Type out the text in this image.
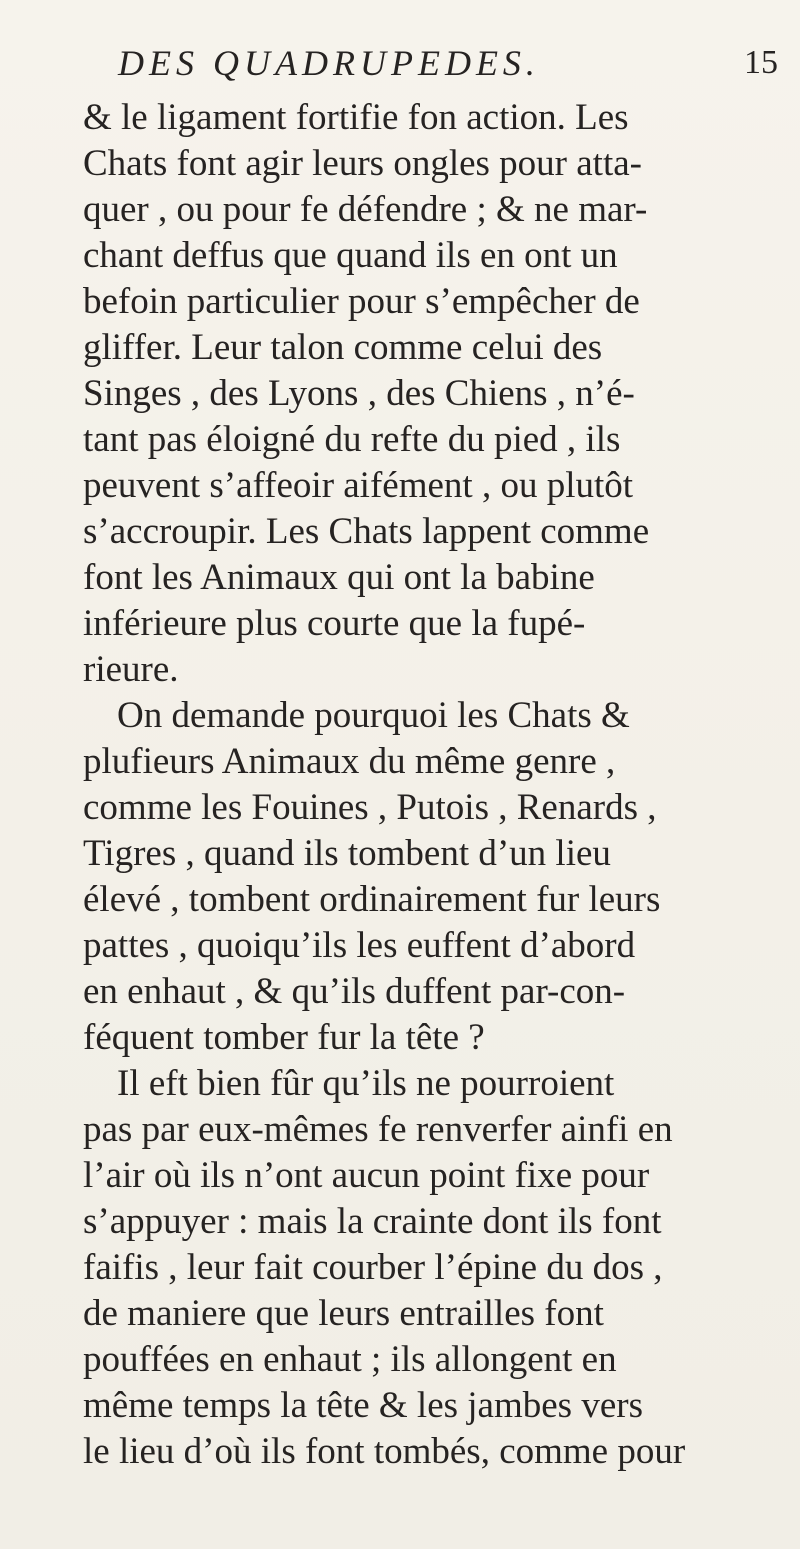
DES QUADRUPEDES.	15
& le ligament fortifie fon action. Les
Chats font agir leurs ongles pour atta-
quer , ou pour fe défendre ; & ne mar-
chant deffus que quand ils en ont un
befoin particulier pour s’empêcher de
gliffer. Leur talon comme celui des
Singes , des Lyons , des Chiens , n’é-
tant pas éloigné du refte du pied , ils
peuvent s’affeoir aifément , ou plutôt
s’accroupir. Les Chats lappent comme
font les Animaux qui ont la babine
inférieure plus courte que la fupé-
rieure.
On demande pourquoi les Chats &
plufieurs Animaux du même genre ,
comme les Fouines , Putois , Renards ,
Tigres , quand ils tombent d’un lieu
élevé , tombent ordinairement fur leurs
pattes , quoiqu’ils les euffent d’abord
en enhaut , & qu’ils duffent par-con-
féquent tomber fur la tête ?
Il eft bien fûr qu’ils ne pourroient
pas par eux-mêmes fe renverfer ainfi en
l’air où ils n’ont aucun point fixe pour
s’appuyer : mais la crainte dont ils font
faifis , leur fait courber l’épine du dos ,
de maniere que leurs entrailles font
pouffées en enhaut ; ils allongent en
même temps la tête & les jambes vers
le lieu d’où ils font tombés, comme pour
